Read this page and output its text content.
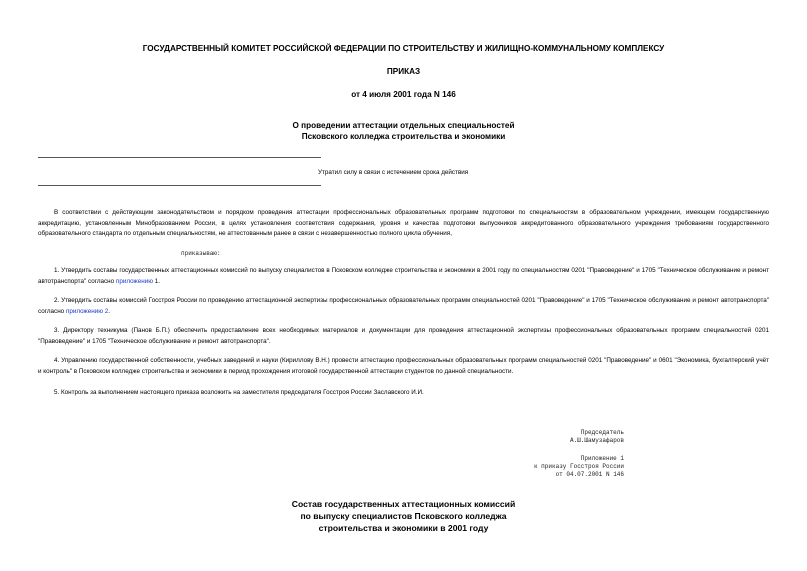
ГОСУДАРСТВЕННЫЙ КОМИТЕТ РОССИЙСКОЙ ФЕДЕРАЦИИ ПО СТРОИТЕЛЬСТВУ И ЖИЛИЩНО-КОММУНАЛЬНОМУ КОМПЛЕКСУ
ПРИКАЗ
от 4 июля 2001 года N 146
О проведении аттестации отдельных специальностей
Псковского колледжа строительства и экономики
Утратил силу в связи с истечением срока действия

В соответствии с действующим законодательством и порядком проведения аттестации профессиональных образовательных программ подготовки по специальностям в образовательном учреждении, имеющем государственную аккредитацию, установленным Минобразованием России, в целях установления соответствия содержания, уровня и качества подготовки выпускников аккредитованного образовательного учреждения требованиям государственного образовательного стандарта по отдельным специальностям, не аттестованным ранее в связи с незавершенностью полного цикла обучения,

приказываю:

1. Утвердить составы государственных аттестационных комиссий по выпуску специалистов в Псковском колледже строительства и экономики в 2001 году по специальностям 0201 "Правоведение" и 1705 "Техническое обслуживание и ремонт автотранспорта" согласно приложению 1.

2. Утвердить составы комиссий Госстроя России по проведению аттестационной экспертизы профессиональных образовательных программ специальностей 0201 "Правоведение" и 1705 "Техническое обслуживание и ремонт автотранспорта" согласно приложению 2.

3. Директору техникума (Панов Б.П.) обеспечить предоставление всех необходимых материалов и документации для проведения аттестационной экспертизы профессиональных образовательных программ специальностей 0201 "Правоведение" и 1705 "Техническое обслуживание и ремонт автотранспорта".

4. Управлению государственной собственности, учебных заведений и науки (Кириллову В.Н.) провести аттестацию профессиональных образовательных программ специальностей 0201 "Правоведение" и 0601 "Экономика, бухгалтерский учёт и контроль" в Псковском колледже строительства и экономики в период прохождения итоговой государственной аттестации студентов по данной специальности.

5. Контроль за выполнением настоящего приказа возложить на заместителя председателя Госстроя России Заславского И.И.

Председатель
А.Ш.Шамузафаров
Приложение 1
к приказу Госстроя России
от 04.07.2001 N 146
Состав государственных аттестационных комиссий
по выпуску специалистов Псковского колледжа
строительства и экономики в 2001 году
